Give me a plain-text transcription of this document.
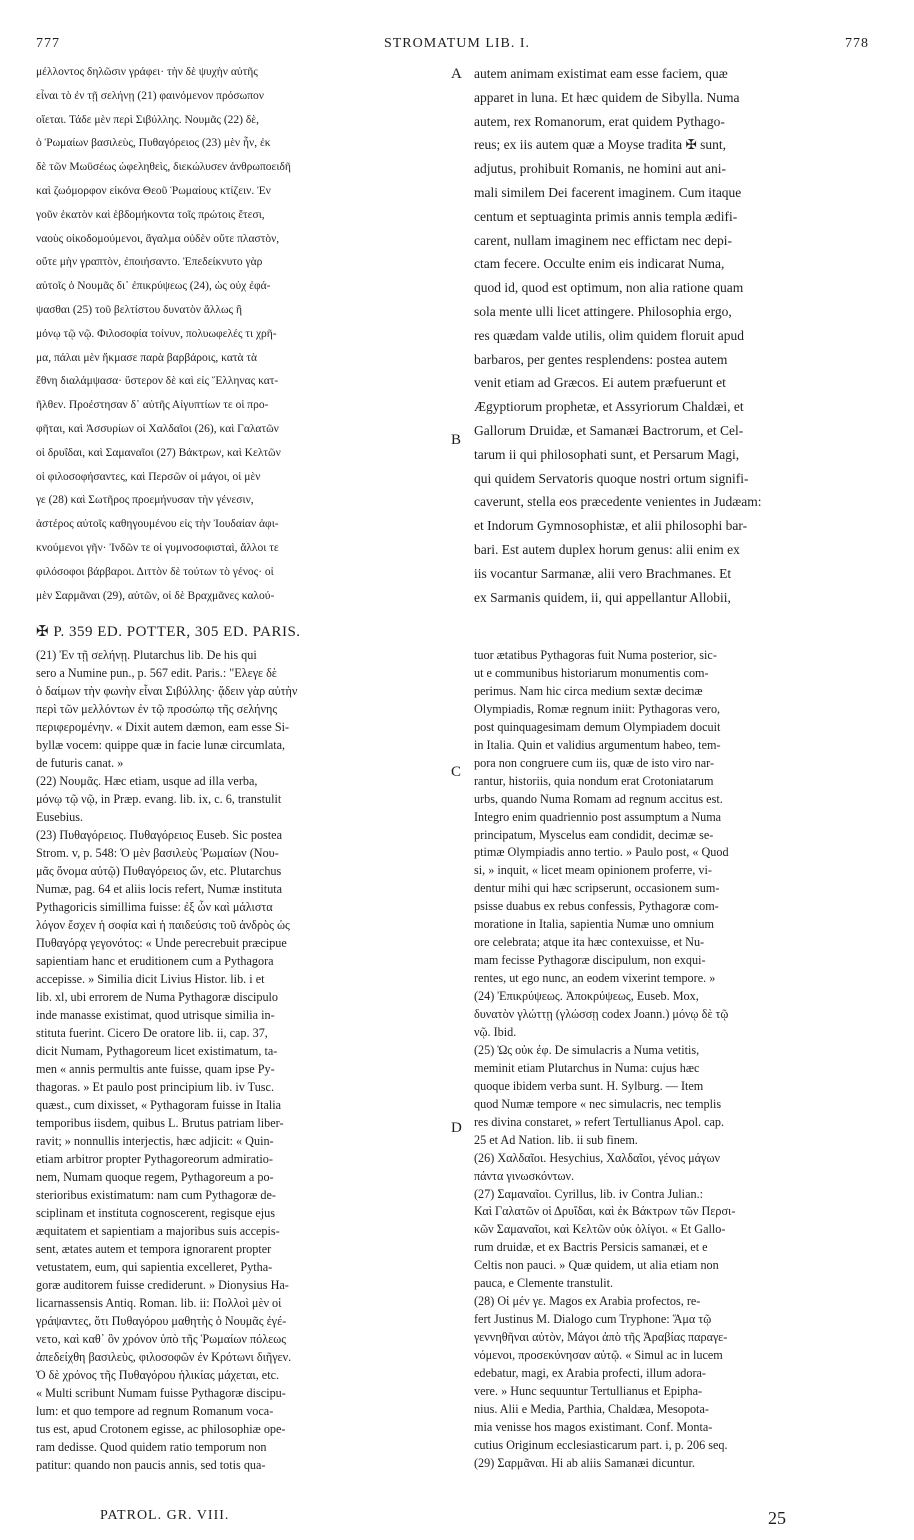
777	STROMATUM LIB. I.	778
μέλλοντος δηλῶσιν γράφει· τὴν δὲ ψυχὴν αὐτῆς
εἶναι τὸ ἐν τῇ σελήνῃ (21) φαινόμενον πρόσωπον
οἴεται. Τάδε μὲν περὶ Σιβύλλης. Νουμᾶς (22) δὲ,
ὁ Ῥωμαίων βασιλεὺς, Πυθαγόρειος (23) μὲν ἦν, ἐκ
δὲ τῶν Μωϋσέως ὠφεληθεὶς, διεκώλυσεν ἀνθρωποειδῆ
καὶ ζωόμορφον εἰκόνα Θεοῦ Ῥωμαίους κτίζειν. Ἐν
γοῦν ἑκατὸν καὶ ἑβδομήκοντα τοῖς πρώτοις ἔτεσι,
ναοὺς οἰκοδομούμενοι, ἄγαλμα οὐδὲν οὔτε πλαστὸν,
οὔτε μὴν γραπτὸν, ἐποιήσαντο. Ἐπεδείκνυτο γὰρ
αὐτοῖς ὁ Νουμᾶς δι᾽ ἐπικρύψεως (24), ὡς οὐχ ἐφά-
ψασθαι (25) τοῦ βελτίστου δυνατὸν ἄλλως ἢ
μόνῳ τῷ νῷ. Φιλοσοφία τοίνυν, πολυωφελές τι χρῆ-
μα, πάλαι μὲν ἤκμασε παρὰ βαρβάροις, κατὰ τὰ
ἔθνη διαλάμψασα· ὕστερον δὲ καὶ εἰς Ἕλληνας κατ-
ῆλθεν. Προέστησαν δ᾽ αὐτῆς Αἰγυπτίων τε οἱ προ-
φῆται, καὶ Ἀσσυρίων οἱ Χαλδαῖοι (26), καὶ Γαλατῶν
οἱ δρυΐδαι, καὶ Σαμαναῖοι (27) Βάκτρων, καὶ Κελτῶν
οἱ φιλοσοφήσαντες, καὶ Περσῶν οἱ μάγοι, οἱ μὲν
γε (28) καὶ Σωτῆρος προεμήνυσαν τὴν γένεσιν,
ἀστέρος αὐτοῖς καθηγουμένου εἰς τὴν Ἰουδαίαν ἀφι-
κνούμενοι γῆν· Ἰνδῶν τε οἱ γυμνοσοφισταὶ, ἄλλοι τε
φιλόσοφοι βάρβαροι. Διττὸν δὲ τούτων τὸ γένος· οἱ
μὲν Σαρμᾶναι (29), αὐτῶν, οἱ δὲ Βραχμᾶνες καλού-
autem animam existimat eam esse faciem, quæ
apparet in luna. Et hæc quidem de Sibylla. Numa
autem, rex Romanorum, erat quidem Pythago-
reus; ex iis autem quæ a Moyse tradita ✠ sunt,
adjutus, prohibuit Romanis, ne homini aut ani-
mali similem Dei facerent imaginem. Cum itaque
centum et septuaginta primis annis templa ædifi-
carent, nullam imaginem nec effictam nec depi-
ctam fecere. Occulte enim eis indicarat Numa,
quod id, quod est optimum, non alia ratione quam
sola mente ulli licet attingere. Philosophia ergo,
res quædam valde utilis, olim quidem floruit apud
barbaros, per gentes resplendens: postea autem
venit etiam ad Græcos. Ei autem præfuerunt et
Ægyptiorum prophetæ, et Assyriorum Chaldæi, et
Gallorum Druidæ, et Samanæi Bactrorum, et Cel-
tarum ii qui philosophati sunt, et Persarum Magi,
qui quidem Servatoris quoque nostri ortum signifi-
caverunt, stella eos præcedente venientes in Judæam:
et Indorum Gymnosophistæ, et alii philosophi bar-
bari. Est autem duplex horum genus: alii enim ex
iis vocantur Sarmanæ, alii vero Brachmanes. Et
ex Sarmanis quidem, ii, qui appellantur Allobii,
A
B
C
D
✠ P. 359 ED. POTTER, 305 ED. PARIS.
(21) Ἐν τῇ σελήνῃ. Plutarchus lib. De his qui
sero a Numine pun., p. 567 edit. Paris.: "Ελεγε δὲ
ὁ δαίμων τὴν φωνὴν εἶναι Σιβύλλης· ᾄδειν γὰρ αὐτὴν
περὶ τῶν μελλόντων ἐν τῷ προσώπῳ τῆς σελήνης
περιφερομένην. « Dixit autem dæmon, eam esse Si-
byllæ vocem: quippe quæ in facie lunæ circumlata,
de futuris canat. »
(22) Νουμᾶς. Hæc etiam, usque ad illa verba,
μόνῳ τῷ νῷ, in Præp. evang. lib. ix, c. 6, transtulit
Eusebius.
(23) Πυθαγόρειος. Πυθαγόρειος Euseb. Sic postea
Strom. v, p. 548: Ὁ μὲν βασιλεὺς Ῥωμαίων (Νου-
μᾶς ὄνομα αὐτῷ) Πυθαγόρειος ὤν, etc. Plutarchus
Numæ, pag. 64 et aliis locis refert, Numæ instituta
Pythagoricis simillima fuisse: ἐξ ὧν καὶ μάλιστα
λόγον ἔσχεν ἡ σοφία καὶ ἡ παιδεύσις τοῦ ἀνδρὸς ὡς
Πυθαγόρᾳ γεγονότος: « Unde perecrebuit præcipue
sapientiam hanc et eruditionem cum a Pythagora
accepisse. » Similia dicit Livius Histor. lib. i et
lib. xl, ubi errorem de Numa Pythagoræ discipulo
inde manasse existimat, quod utrisque similia in-
stituta fuerint. Cicero De oratore lib. ii, cap. 37,
dicit Numam, Pythagoreum licet existimatum, ta-
men « annis permultis ante fuisse, quam ipse Py-
thagoras. » Et paulo post principium lib. iv Tusc.
quæst., cum dixisset, « Pythagoram fuisse in Italia
temporibus iisdem, quibus L. Brutus patriam liber-
ravit; » nonnullis interjectis, hæc adjicit: « Quin-
etiam arbitror propter Pythagoreorum admiratio-
nem, Numam quoque regem, Pythagoreum a po-
sterioribus existimatum: nam cum Pythagoræ de-
sciplinam et instituta cognoscerent, regisque ejus
æquitatem et sapientiam a majoribus suis accepis-
sent, ætates autem et tempora ignorarent propter
vetustatem, eum, qui sapientia excelleret, Pytha-
goræ auditorem fuisse crediderunt. » Dionysius Ha-
licarnassensis Antiq. Roman. lib. ii: Πολλοὶ μὲν οἱ
γράψαντες, ὅτι Πυθαγόρου μαθητὴς ὁ Νουμᾶς ἐγέ-
νετο, καὶ καθ᾽ ὃν χρόνον ὑπὸ τῆς Ῥωμαίων πόλεως
ἀπεδείχθη βασιλεὺς, φιλοσοφῶν ἐν Κρότωνι διῆγεν.
Ὁ δὲ χρόνος τῆς Πυθαγόρου ἡλικίας μάχεται, etc.
« Multi scribunt Numam fuisse Pythagoræ discipu-
lum: et quo tempore ad regnum Romanum voca-
tus est, apud Crotonem egisse, ac philosophiæ ope-
ram dedisse. Quod quidem ratio temporum non
patitur: quando non paucis annis, sed totis qua-
tuor ætatibus Pythagoras fuit Numa posterior, sic-
ut e communibus historiarum monumentis com-
perimus. Nam hic circa medium sextæ decimæ
Olympiadis, Romæ regnum iniit: Pythagoras vero,
post quinquagesimam demum Olympiadem docuit
in Italia. Quin et validius argumentum habeo, tem-
pora non congruere cum iis, quæ de isto viro nar-
rantur, historiis, quia nondum erat Crotoniatarum
urbs, quando Numa Romam ad regnum accitus est.
Integro enim quadriennio post assumptum a Numa
principatum, Myscelus eam condidit, decimæ se-
ptimæ Olympiadis anno tertio. » Paulo post, « Quod
si, » inquit, « licet meam opinionem proferre, vi-
dentur mihi qui hæc scripserunt, occasionem sum-
psisse duabus ex rebus confessis, Pythagoræ com-
moratione in Italia, sapientia Numæ uno omnium
ore celebrata; atque ita hæc contexuisse, et Nu-
mam fecisse Pythagoræ discipulum, non exqui-
rentes, ut ego nunc, an eodem vixerint tempore. »
(24) Ἐπικρύψεως. Ἀποκρύψεως, Euseb. Mox,
δυνατὸν γλώττῃ (γλώσσῃ codex Joann.) μόνῳ δὲ τῷ
νῷ. Ibid.
(25) Ὡς οὐκ ἐφ. De simulacris a Numa vetitis,
meminit etiam Plutarchus in Numa: cujus hæc
quoque ibidem verba sunt. H. Sylburg. — Item
quod Numæ tempore « nec simulacris, nec templis
res divina constaret, » refert Tertullianus Apol. cap.
25 et Ad Nation. lib. ii sub finem.
(26) Χαλδαῖοι. Hesychius, Χαλδαῖοι, γένος μάγων
πάντα γινωσκόντων.
(27) Σαμαναῖοι. Cyrillus, lib. iv Contra Julian.:
Καὶ Γαλατῶν οἱ Δρυΐδαι, καὶ ἐκ Βάκτρων τῶν Περσι-
κῶν Σαμαναῖοι, καὶ Κελτῶν οὐκ ὀλίγοι. « Et Gallo-
rum druidæ, et ex Bactris Persicis samanæi, et e
Celtis non pauci. » Quæ quidem, ut alia etiam non
pauca, e Clemente transtulit.
(28) Οἱ μέν γε. Magos ex Arabia profectos, re-
fert Justinus M. Dialogo cum Tryphone: Ἅμα τῷ
γεννηθῆναι αὐτὸν, Μάγοι ἀπὸ τῆς Ἀραβίας παραγε-
νόμενοι, προσεκύνησαν αὐτῷ. « Simul ac in lucem
edebatur, magi, ex Arabia profecti, illum adora-
vere. » Hunc sequuntur Tertullianus et Epipha-
nius. Alii e Media, Parthia, Chaldæa, Mesopota-
mia venisse hos magos existimant. Conf. Monta-
cutius Originum ecclesiasticarum part. i, p. 206 seq.
(29) Σαρμᾶναι. Hi ab aliis Samanæi dicuntur.
PATROL. GR. VIII.	25
